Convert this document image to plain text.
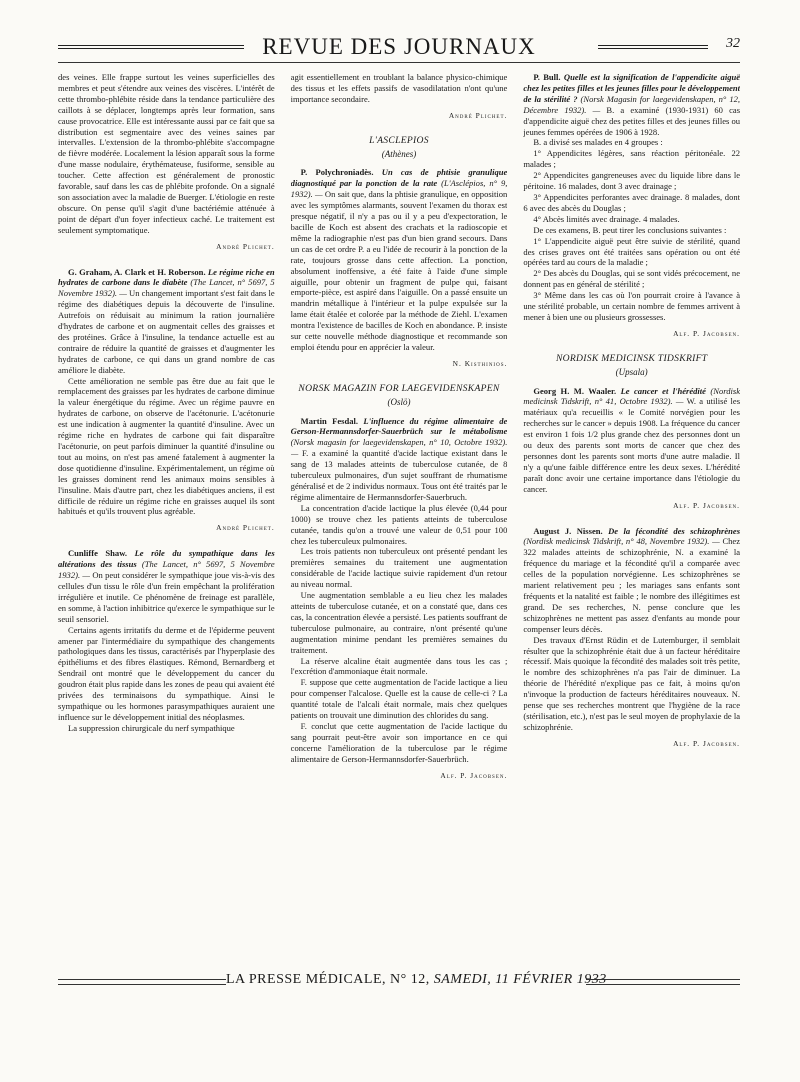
REVUE DES JOURNAUX	32

des veines. Elle frappe surtout les veines superficielles des membres et peut s'étendre aux veines des viscères. L'intérêt de cette thrombo-phlébite réside dans la tendance particulière des caillots à se déplacer, longtemps après leur formation, sans cause provocatrice. Elle est intéressante aussi par ce fait que sa distribution est segmentaire avec des veines saines par intervalles. L'extension de la thrombo-phlébite s'accompagne de fièvre modérée. Localement la lésion apparaît sous la forme d'une masse nodulaire, érythémateuse, fusiforme, sensible au toucher. Cette affection est généralement de pronostic favorable, sauf dans les cas de phlébite profonde. On a signalé son association avec la maladie de Buerger. L'étiologie en reste obscure. On pense qu'il s'agit d'une bactériémie atténuée à point de départ d'un foyer infectieux caché. Le traitement est seulement symptomatique.

André Plichet.

G. Graham, A. Clark et H. Roberson. Le régime riche en hydrates de carbone dans le diabète (The Lancet, n° 5697, 5 Novembre 1932). — Un changement important s'est fait dans le régime des diabétiques depuis la découverte de l'insuline. Autrefois on réduisait au minimum la ration journalière d'hydrates de carbone et on augmentait celles des graisses et des protéines. Grâce à l'insuline, la tendance actuelle est au contraire de réduire la quantité de graisses et d'augmenter les hydrates de carbone, ce qui dans un grand nombre de cas améliore le diabète.

Cette amélioration ne semble pas être due au fait que le remplacement des graisses par les hydrates de carbone diminue la valeur énergétique du régime. Avec un régime pauvre en hydrates de carbone, on observe de l'acétonurie. L'acétonurie est une indication à augmenter la quantité d'insuline. Avec un régime riche en hydrates de carbone qui fait disparaître l'acétonurie, on peut parfois diminuer la quantité d'insuline ou tout au moins, on n'est pas amené fatalement à augmenter la dose quotidienne d'insuline. Expérimentalement, un régime où les graisses dominent rend les animaux moins sensibles à l'insuline. Mais d'autre part, chez les diabétiques anciens, il est difficile de réduire un régime riche en graisses auquel ils sont habitués et qu'ils trouvent plus agréable.

André Plichet.

Cunliffe Shaw. Le rôle du sympathique dans les altérations des tissus (The Lancet, n° 5697, 5 Novembre 1932). — On peut considérer le sympathique joue vis-à-vis des cellules d'un tissu le rôle d'un frein empêchant la prolifération irrégulière et inutile. Ce phénomène de freinage est parallèle, en somme, à l'action inhibitrice qu'exerce le sympathique sur le seuil sensoriel.

Certains agents irritatifs du derme et de l'épiderme peuvent amener par l'intermédiaire du sympathique des changements pathologiques dans les tissus, caractérisés par l'hyperplasie des épithéliums et des fibres élastiques. Rémond, Bernardberg et Sendrail ont montré que le développement du cancer du goudron était plus rapide dans les zones de peau qui avaient été privées des terminaisons du sympathique. Ainsi le sympathique ou les hormones parasympathiques auraient une influence sur le développement initial des néoplasmes.

La suppression chirurgicale du nerf sympathique

agit essentiellement en troublant la balance physico-chimique des tissus et les effets passifs de vasodilatation n'ont qu'une importance secondaire.

André Plichet.
L'ASCLEPIOS
(Athènes)

P. Polychroniadès. Un cas de phtisie granulique diagnostiqué par la ponction de la rate (L'Asclépios, n° 9, 1932). — On sait que, dans la phtisie granulique, en opposition avec les symptômes alarmants, souvent l'examen du thorax est presque négatif, il n'y a pas ou il y a peu d'expectoration, le bacille de Koch est absent des crachats et la radioscopie et même la radiographie n'est pas d'un bien grand secours. Dans un cas de cet ordre P. a eu l'idée de recourir à la ponction de la rate, toujours grosse dans cette affection. La ponction, absolument inoffensive, a été faite à l'aide d'une simple aiguille, pour obtenir un fragment de pulpe qui, faisant emporte-pièce, est aspiré dans l'aiguille. On a passé ensuite un mandrin métallique à l'intérieur et la pulpe expulsée sur la lame était étalée et colorée par la méthode de Ziehl. L'examen montra l'existence de bacilles de Koch en abondance. P. insiste sur cette nouvelle méthode diagnostique et recommande son emploi étendu pour en apprécier la valeur.

N. Kisthinios.
NORSK MAGAZIN FOR LAEGEVIDENSKAPEN
(Oslö)

Martin Fesdal. L'influence du régime alimentaire de Gerson-Hermannsdorfer-Sauerbrüch sur le métabolisme (Norsk magasin for laegevidenskapen, n° 10, Octobre 1932). — F. a examiné la quantité d'acide lactique existant dans le sang de 13 malades atteints de tuberculose cutanée, de 8 tuberculeux pulmonaires, d'un sujet souffrant de rhumatisme généralisé et de 2 individus normaux. Tous ont été traités par le régime alimentaire de Hermannsdorfer-Sauerbruch.

La concentration d'acide lactique la plus élevée (0,44 pour 1000) se trouve chez les patients atteints de tuberculose cutanée, tandis qu'on a trouvé une valeur de 0,51 pour 100 chez les tuberculeux pulmonaires.

Les trois patients non tuberculeux ont présenté pendant les premières semaines du traitement une augmentation considérable de l'acide lactique suivie rapidement d'un retour au niveau normal.

Une augmentation semblable a eu lieu chez les malades atteints de tuberculose cutanée, et on a constaté que, dans ces cas, la concentration élevée a persisté. Les patients souffrant de tuberculose pulmonaire, au contraire, n'ont présenté qu'une augmentation minime pendant les premières semaines du traitement.

La réserve alcaline était augmentée dans tous les cas ; l'excrétion d'ammoniaque était normale.

F. suppose que cette augmentation de l'acide lactique a lieu pour compenser l'alcalose. Quelle est la cause de celle-ci ? La quantité totale de l'alcali était normale, mais chez quelques patients on trouvait une diminution des chlorides du sang.

F. conclut que cette augmentation de l'acide lactique du sang pourrait peut-être avoir son importance en ce qui concerne l'amélioration de la tuberculose par le régime alimentaire de Gerson-Hermannsdorfer-Sauerbrüch.

Alf. P. Jacobsen.

P. Bull. Quelle est la signification de l'appendicite aiguë chez les petites filles et les jeunes filles pour le développement de la stérilité ? (Norsk Magasin for laegevidenskapen, n° 12, Décembre 1932). — B. a examiné (1930-1931) 60 cas d'appendicite aiguë chez des petites filles et des jeunes filles ou jeunes femmes opérées de 1906 à 1928.

B. a divisé ses malades en 4 groupes :

1° Appendicites légères, sans réaction péritonéale. 22 malades ;

2° Appendicites gangreneuses avec du liquide libre dans le péritoine. 16 malades, dont 3 avec drainage ;

3° Appendicites perforantes avec drainage. 8 malades, dont 6 avec des abcès du Douglas ;

4° Abcès limités avec drainage. 4 malades.

De ces examens, B. peut tirer les conclusions suivantes :

1° L'appendicite aiguë peut être suivie de stérilité, quand des crises graves ont été traitées sans opération ou ont été opérées tard au cours de la maladie ;

2° Des abcès du Douglas, qui se sont vidés précocement, ne donnent pas en général de stérilité ;

3° Même dans les cas où l'on pourrait croire à l'avance à une stérilité probable, un certain nombre de femmes arrivent à mener à bien une ou plusieurs grossesses.

Alf. P. Jacobsen.
NORDISK MEDICINSK TIDSKRIFT
(Upsala)

Georg H. M. Waaler. Le cancer et l'hérédité (Nordisk medicinsk Tidskrift, n° 41, Octobre 1932). — W. a utilisé les matériaux qu'a recueillis « le Comité norvégien pour les recherches sur le cancer » depuis 1908. La fréquence du cancer est environ 1 fois 1/2 plus grande chez des personnes dont un ou deux des parents sont morts de cancer que chez des personnes dont les parents sont morts d'une autre maladie. Il n'y a qu'une faible différence entre les deux sexes. L'hérédité paraît donc avoir une certaine importance dans l'étiologie du cancer.

Alf. P. Jacobsen.

August J. Nissen. De la fécondité des schizophrènes (Nordisk medicinsk Tidskrift, n° 48, Novembre 1932). — Chez 322 malades atteints de schizophrénie, N. a examiné la fréquence du mariage et la fécondité qu'il a comparée avec celles de la population norvégienne. Les schizophrènes se marient relativement peu ; les mariages sans enfants sont fréquents et la natalité est faible ; le nombre des illégitimes est grand. De ses recherches, N. pense conclure que les schizophrènes ne mettent pas assez d'enfants au monde pour compenser leurs décès.

Des travaux d'Ernst Rüdin et de Lutemburger, il semblait résulter que la schizophrénie était due à un facteur héréditaire récessif. Mais quoique la fécondité des malades soit très petite, le nombre des schizophrènes n'a pas l'air de diminuer. La théorie de l'hérédité n'explique pas ce fait, à moins qu'on n'invoque la production de facteurs héréditaires nouveaux. N. pense que ses recherches montrent que l'hygiène de la race (stérilisation, etc.), n'est pas le seul moyen de prophylaxie de la schizophrénie.

Alf. P. Jacobsen.
LA PRESSE MÉDICALE, N° 12, SAMEDI, 11 FÉVRIER 1933
